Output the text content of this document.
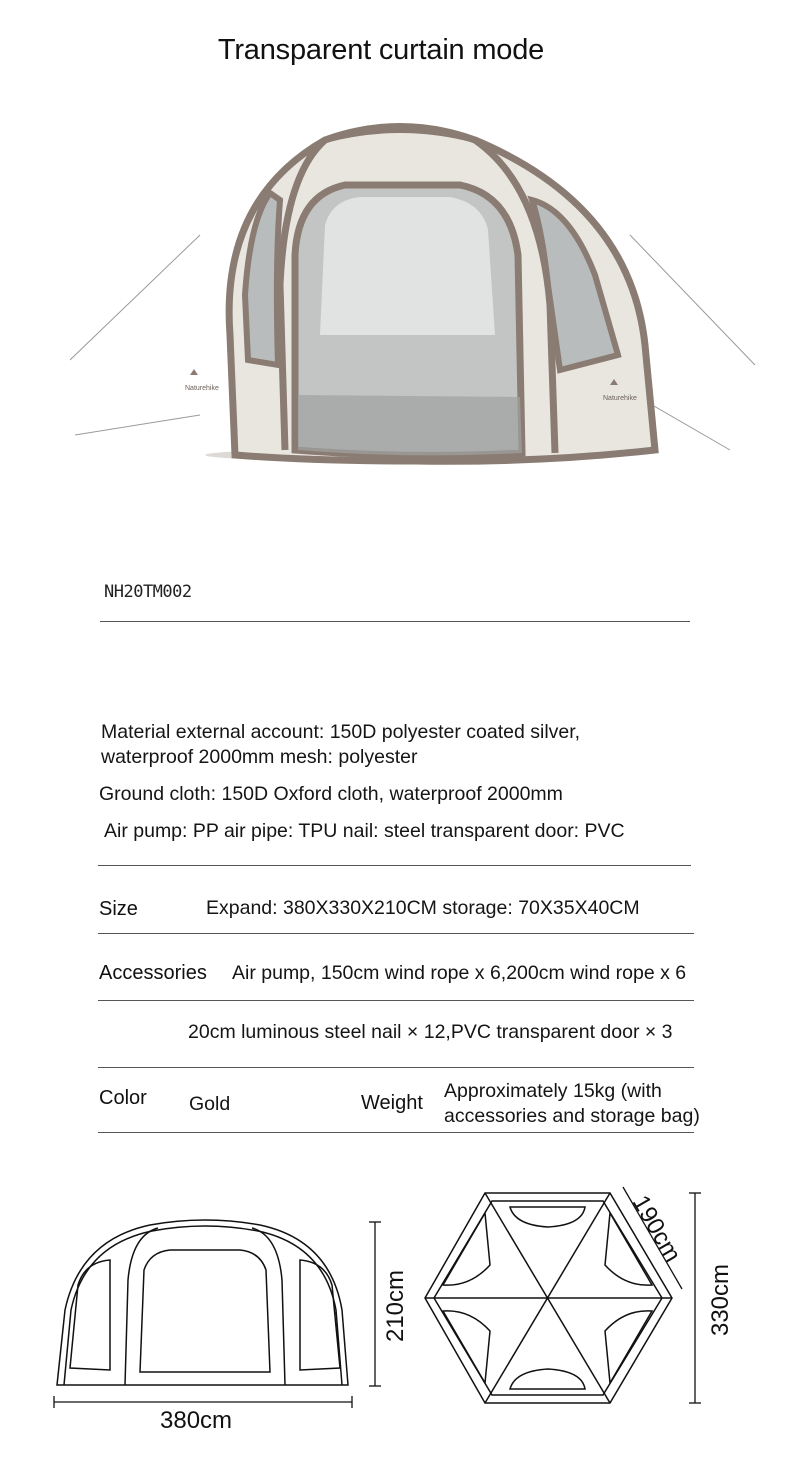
Transparent curtain mode
Naturehike
Naturehike
NH20TM002
Material external account: 150D polyester coated silver,
waterproof 2000mm mesh: polyester
Ground cloth: 150D Oxford cloth, waterproof 2000mm
Air pump: PP air pipe: TPU nail: steel transparent door: PVC
Size	Expand: 380X330X210CM storage: 70X35X40CM
Accessories Air pump, 150cm wind rope x 6,200cm wind rope x 6
20cm luminous steel nail × 12,PVC transparent door × 3
Color Gold	Weight
Approximately 15kg (with
accessories and storage bag)
380cm
210cm
190cm
330cm
